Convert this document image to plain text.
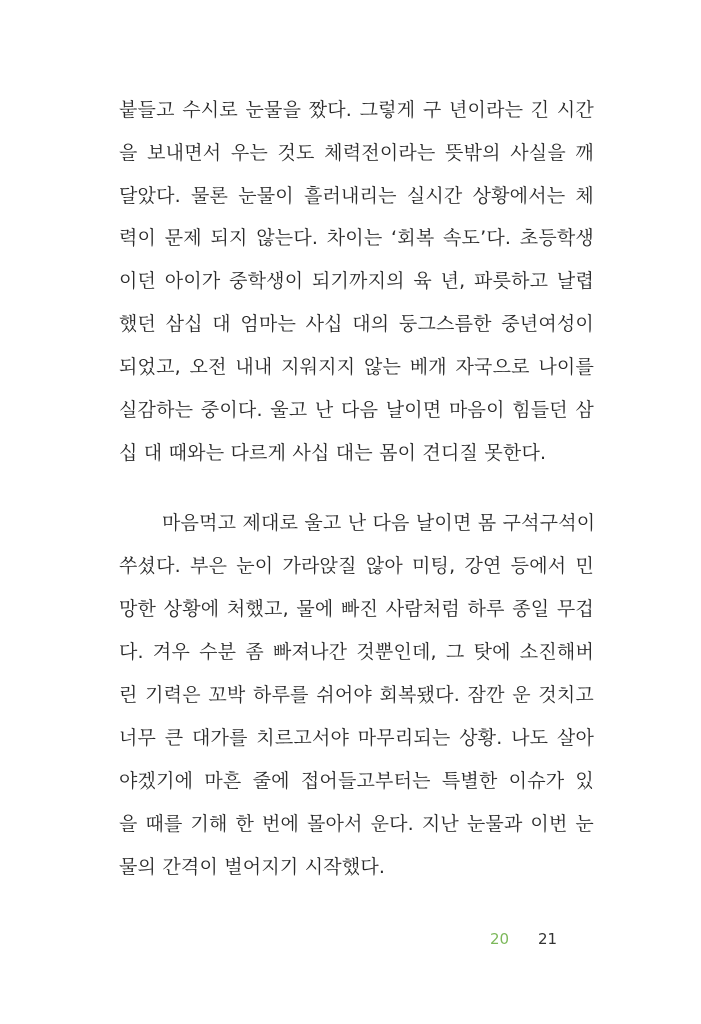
붙들고 수시로 눈물을 짰다. 그렇게 구 년이라는 긴 시간
을 보내면서 우는 것도 체력전이라는 뜻밖의 사실을 깨
달았다. 물론 눈물이 흘러내리는 실시간 상황에서는 체
력이 문제 되지 않는다. 차이는 ‘회복 속도’다. 초등학생
이던 아이가 중학생이 되기까지의 육 년, 파릇하고 날렵
했던 삼십 대 엄마는 사십 대의 둥그스름한 중년여성이
되었고, 오전 내내 지워지지 않는 베개 자국으로 나이를
실감하는 중이다. 울고 난 다음 날이면 마음이 힘들던 삼
십 대 때와는 다르게 사십 대는 몸이 견디질 못한다.
마음먹고 제대로 울고 난 다음 날이면 몸 구석구석이
쑤셨다. 부은 눈이 가라앉질 않아 미팅, 강연 등에서 민
망한 상황에 처했고, 물에 빠진 사람처럼 하루 종일 무겁
다. 겨우 수분 좀 빠져나간 것뿐인데, 그 탓에 소진해버
린 기력은 꼬박 하루를 쉬어야 회복됐다. 잠깐 운 것치고
너무 큰 대가를 치르고서야 마무리되는 상황. 나도 살아
야겠기에 마흔 줄에 접어들고부터는 특별한 이슈가 있
을 때를 기해 한 번에 몰아서 운다. 지난 눈물과 이번 눈
물의 간격이 벌어지기 시작했다.
20 21
